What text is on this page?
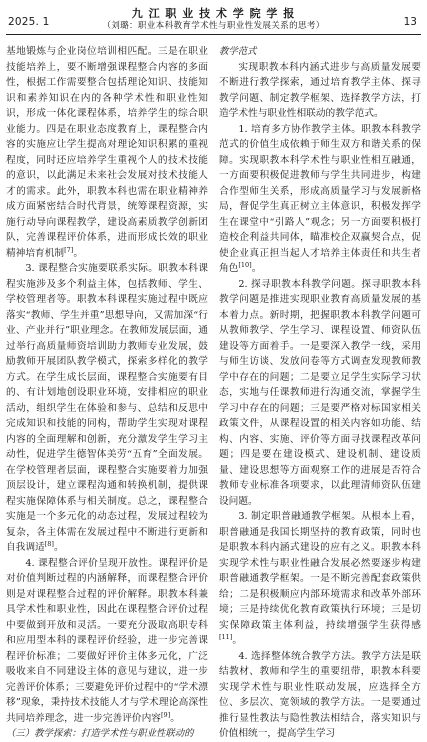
2025. 1
九 江 职 业 技 术 学 院 学 报
（刘璐：职业本科教育学术性与职业性发展关系的思考）	13

基地锻炼与企业岗位培训相匹配。三是在职业技能培养上，要不断增强课程整合内容的多面性，根据工作需要整合包括理论知识、技能知识和素养知识在内的各种学术性和职业性知识，形成一体化课程体系，培养学生的综合职业能力。四是在职业态度教育上，课程整合内容的实施应让学生提高对理论知识积累的重视程度，同时还应培养学生重视个人的技术技能的意识，以此满足未来社会发展对技术技能人才的需求。此外，职教本科也需在职业精神养成方面紧密结合时代背景，统筹课程资源，实施行动导向课程教学，建设高素质教学创新团队，完善课程评价体系，进而形成长效的职业精神培育机制[7]。

3. 课程整合实施要联系实际。职教本科课程实施涉及多个利益主体，包括教师、学生、学校管理者等。职教本科课程实施过程中既应落实“教师、学生并重”思想导向，又需加深“行业、产业并行”职业理念。在教师发展层面，通过举行高质量师资培训助力教师专业发展，鼓励教师开展团队教学模式，探索多样化的教学方式。在学生成长层面，课程整合实施要有目的、有计划地创设职业环境，安排相应的职业活动，组织学生在体验和参与、总结和反思中完成知识和技能的同构，帮助学生实现对课程内容的全面理解和创新，充分激发学生学习主动性，促进学生德智体美劳“五育”全面发展。在学校管理者层面，课程整合实施要着力加强顶层设计，建立课程沟通和转换机制，提供课程实施保障体系与相关制度。总之，课程整合实施是一个多元化的动态过程，发展过程较为复杂，各主体需在发展过程中不断进行更新和自我调适[8]。

4. 课程整合评价呈现开放性。课程评价是对价值判断过程的内涵解释，而课程整合评价则是对课程整合过程的评价解释。职教本科兼具学术性和职业性，因此在课程整合评价过程中要做到开放和灵活。一要充分汲取高职专科和应用型本科的课程评价经验，进一步完善课程评价标准；二要做好评价主体多元化，广泛吸收来自不同建设主体的意见与建议，进一步完善评价体系；三要避免评价过程中的“学术漂移”现象，秉持技术技能人才与学术理论高深性共同培养理念，进一步完善评价内容[9]。

（三）教学探索：打造学术性与职业性联动的

教学范式

实现职教本科内涵式进步与高质量发展要不断进行教学探索，通过培育教学主体、探寻教学问题、制定教学框架、选择教学方法，打造学术性与职业性相联动的教学范式。

1. 培育多方协作教学主体。职教本科教学范式的价值生成依赖于师生双方和谐关系的保障。实现职教本科学术性与职业性相互融通，一方面要积极促进教师与学生共同进步，构建合作型师生关系，形成高质量学习与发展新格局，督促学生真正树立主体意识，积极发挥学生在课堂中“引路人”观念；另一方面要积极打造校企利益共同体，瞄准校企双赢契合点，促使企业真正担当起人才培养主体责任和共生者角色[10]。

2. 探寻职教本科教学问题。探寻职教本科教学问题是推进实现职业教育高质量发展的基本着力点。新时期，把握职教本科教学问题可从教师教学、学生学习、课程设置、师资队伍建设等方面着手。一是要深入教学一线，采用与师生访谈、发放问卷等方式调查发现教师教学中存在的问题；二是要立足学生实际学习状态，实地与任课教师进行沟通交流，掌握学生学习中存在的问题；三是要严格对标国家相关政策文件，从课程设置的相关内容如功能、结构、内容、实施、评价等方面寻找课程改革问题；四是要在建设模式、建设机制、建设质量、建设思想等方面观察工作的进展是否符合教师专业标准各项要求，以此理清师资队伍建设问题。

3. 制定职普融通教学框架。从根本上看，职普融通是我国长期坚持的教育政策，同时也是职教本科内涵式建设的应有之义。职教本科实现学术性与职业性融合发展必然要逐步构建职普融通教学框架。一是不断完善配套政策供给；二是积极顺应内部环境需求和改革外部环境；三是持续优化教育政策执行环境；三是切实保障政策主体利益，持续增强学生获得感[11]。

4. 选择整体统合教学方法。教学方法是联结教材、教师和学生的重要纽带，职教本科要实现学术性与职业性联动发展，应选择全方位、多层次、宽领域的教学方法。一是要通过推行显性教法与隐性教法相结合，落实知识与价值相统一，提高学生学习
